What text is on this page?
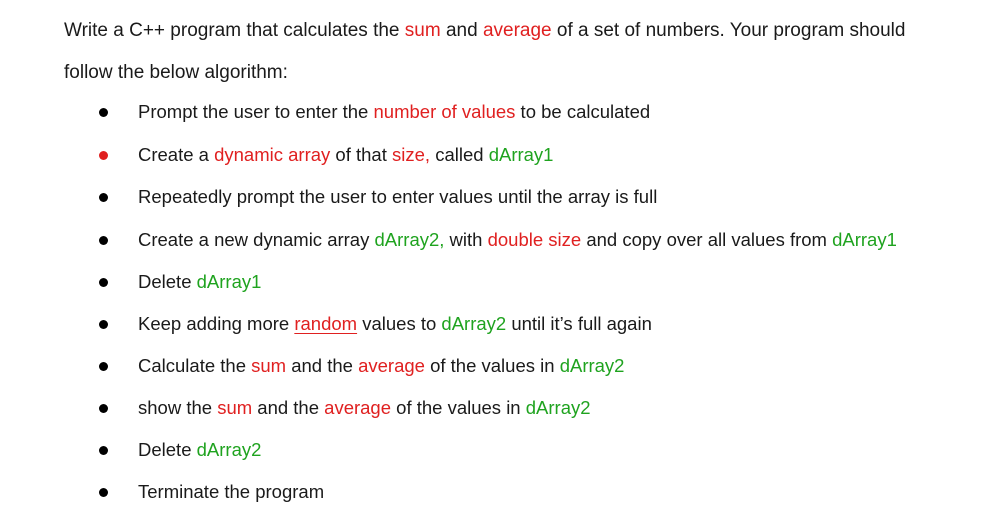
Write a C++ program that calculates the sum and average of a set of numbers. Your program should
follow the below algorithm:
Prompt the user to enter the number of values to be calculated
Create a dynamic array of that size, called dArray1
Repeatedly prompt the user to enter values until the array is full
Create a new dynamic array dArray2, with double size and copy over all values from dArray1
Delete dArray1
Keep adding more random values to dArray2 until it’s full again
Calculate the sum and the average of the values in dArray2
show the sum and the average of the values in dArray2
Delete dArray2
Terminate the program
